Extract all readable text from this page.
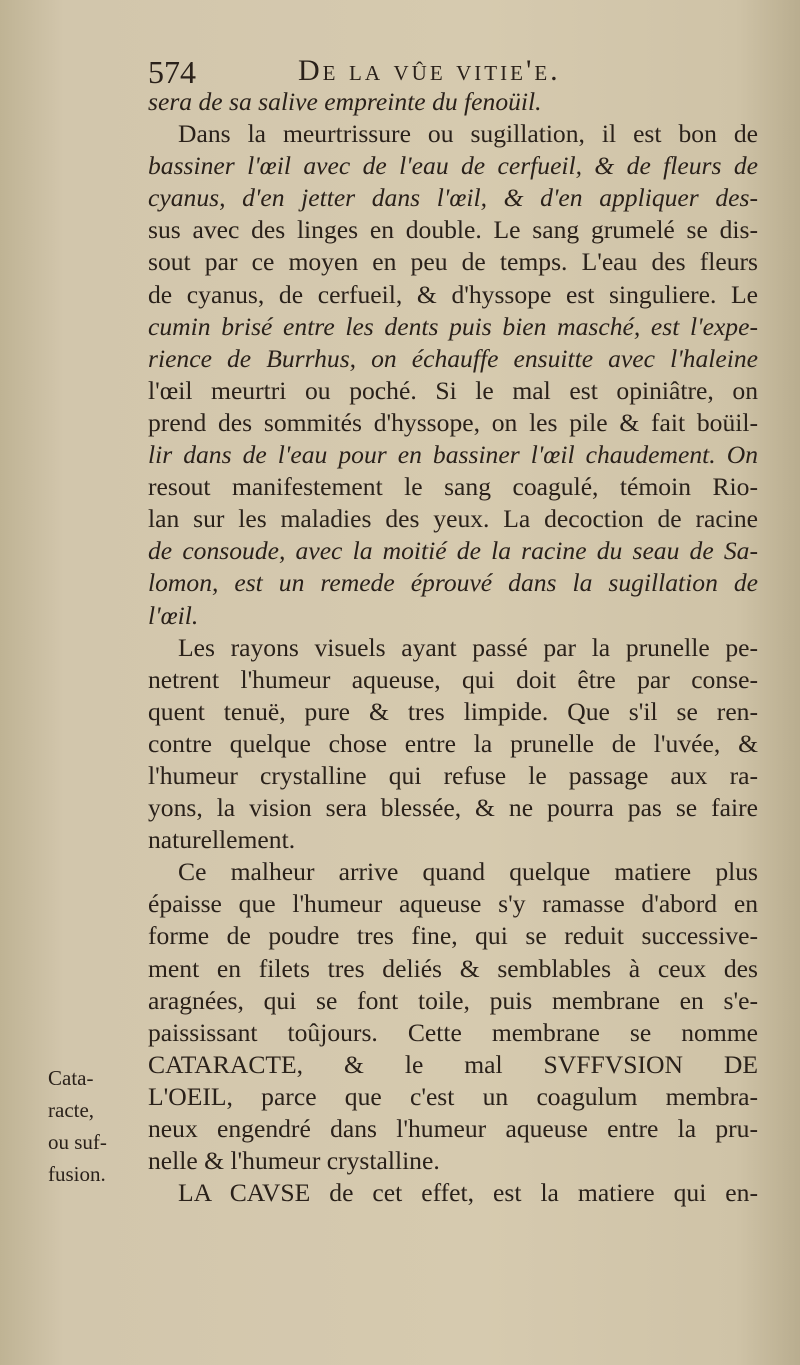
574	De la vûe vitie'e.
sera de sa salive empreinte du fenoüil.
Dans la meurtrissure ou sugillation, il est bon de
bassiner l'œil avec de l'eau de cerfueil, & de fleurs de
cyanus, d'en jetter dans l'œil, & d'en appliquer des-
sus avec des linges en double. Le sang grumelé se dis-
sout par ce moyen en peu de temps. L'eau des fleurs
de cyanus, de cerfueil, & d'hyssope est singuliere. Le
cumin brisé entre les dents puis bien masché, est l'expe-
rience de Burrhus, on échauffe ensuitte avec l'haleine
l'œil meurtri ou poché. Si le mal est opiniâtre, on
prend des sommités d'hyssope, on les pile & fait boüil-
lir dans de l'eau pour en bassiner l'œil chaudement. On
resout manifestement le sang coagulé, témoin Rio-
lan sur les maladies des yeux. La decoction de racine
de consoude, avec la moitié de la racine du seau de Sa-
lomon, est un remede éprouvé dans la sugillation de
l'œil.
Les rayons visuels ayant passé par la prunelle pe-
netrent l'humeur aqueuse, qui doit être par conse-
quent tenuë, pure & tres limpide. Que s'il se ren-
contre quelque chose entre la prunelle de l'uvée, &
l'humeur crystalline qui refuse le passage aux ra-
yons, la vision sera blessée, & ne pourra pas se faire
naturellement.
Ce malheur arrive quand quelque matiere plus
épaisse que l'humeur aqueuse s'y ramasse d'abord en
forme de poudre tres fine, qui se reduit successive-
ment en filets tres deliés & semblables à ceux des
aragnées, qui se font toile, puis membrane en s'e-
paississant toûjours. Cette membrane se nomme
CATARACTE, & le mal SVFFVSION DE
L'OEIL, parce que c'est un coagulum membra-
neux engendré dans l'humeur aqueuse entre la pru-
nelle & l'humeur crystalline.
LA CAVSE de cet effet, est la matiere qui en-
Cata-
racte,
ou suf-
fusion.
